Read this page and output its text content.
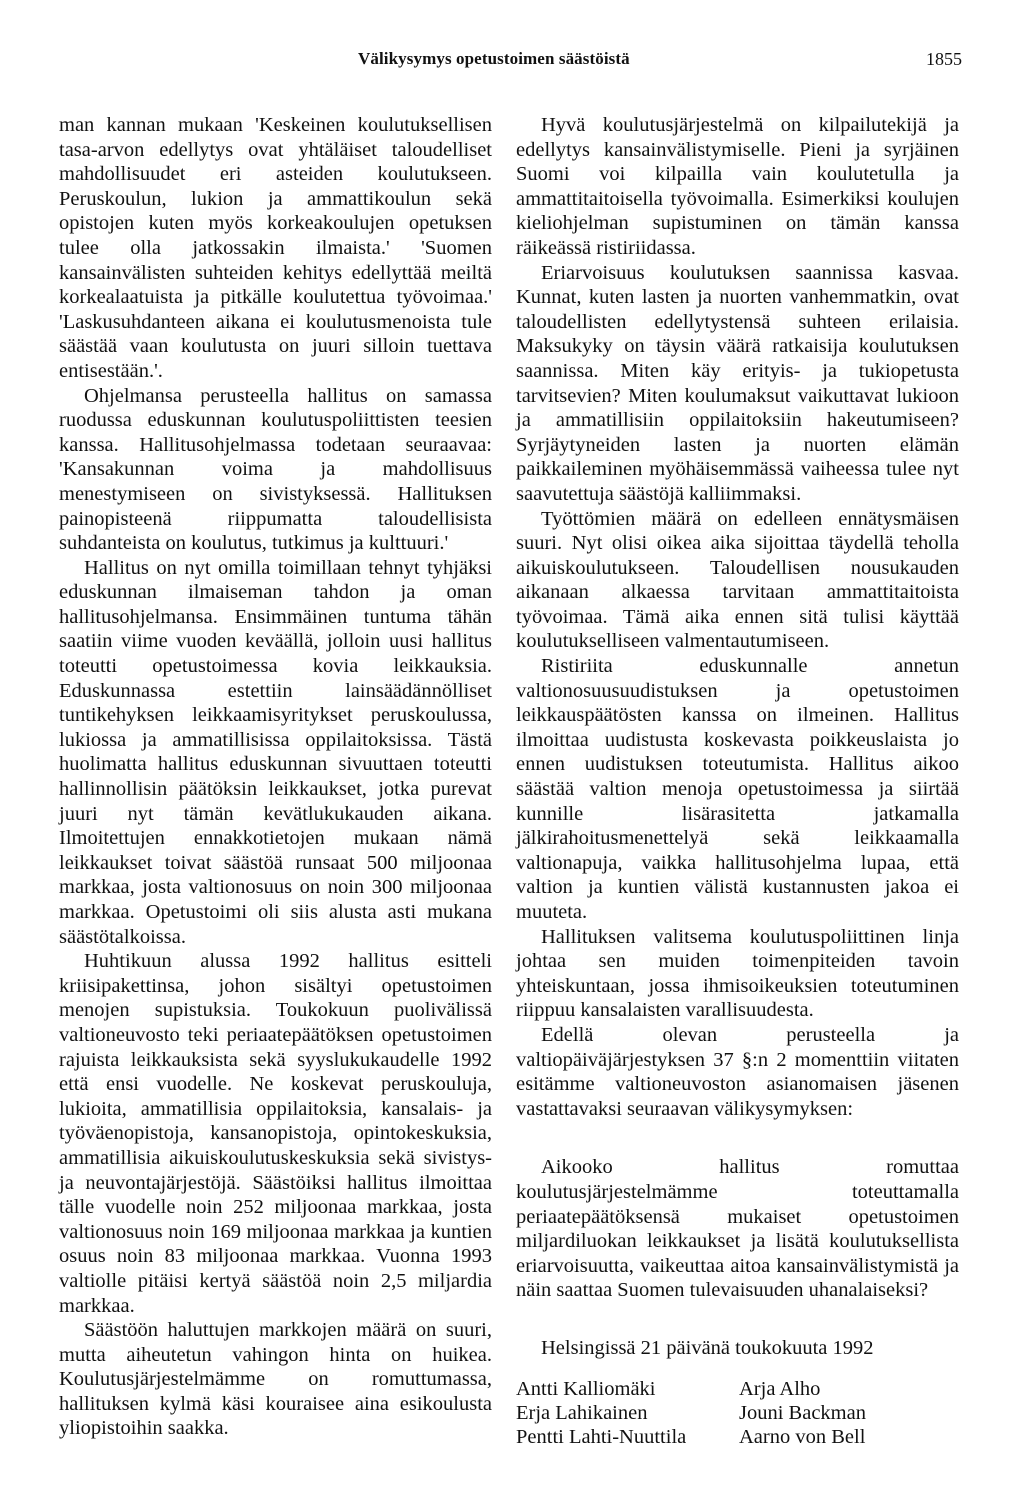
Välikysymys opetustoimen säästöistä	1855

man kannan mukaan 'Keskeinen koulutuksellisen tasa-arvon edellytys ovat yhtäläiset taloudelliset mahdollisuudet eri asteiden koulutukseen. Peruskoulun, lukion ja ammattikoulun sekä opistojen kuten myös korkeakoulujen opetuksen tulee olla jatkossakin ilmaista.' 'Suomen kansainvälisten suhteiden kehitys edellyttää meiltä korkealaatuista ja pitkälle koulutettua työvoimaa.' 'Laskusuhdanteen aikana ei koulutusmenoista tule säästää vaan koulutusta on juuri silloin tuettava entisestään.'.

Ohjelmansa perusteella hallitus on samassa ruodussa eduskunnan koulutuspoliittisten teesien kanssa. Hallitusohjelmassa todetaan seuraavaa: 'Kansakunnan voima ja mahdollisuus menestymiseen on sivistyksessä. Hallituksen painopisteenä riippumatta taloudellisista suhdanteista on koulutus, tutkimus ja kulttuuri.'

Hallitus on nyt omilla toimillaan tehnyt tyhjäksi eduskunnan ilmaiseman tahdon ja oman hallitusohjelmansa. Ensimmäinen tuntuma tähän saatiin viime vuoden keväällä, jolloin uusi hallitus toteutti opetustoimessa kovia leikkauksia. Eduskunnassa estettiin lainsäädännölliset tuntikehyksen leikkaamisyritykset peruskoulussa, lukiossa ja ammatillisissa oppilaitoksissa. Tästä huolimatta hallitus eduskunnan sivuuttaen toteutti hallinnollisin päätöksin leikkaukset, jotka purevat juuri nyt tämän kevätlukukauden aikana. Ilmoitettujen ennakkotietojen mukaan nämä leikkaukset toivat säästöä runsaat 500 miljoonaa markkaa, josta valtionosuus on noin 300 miljoonaa markkaa. Opetustoimi oli siis alusta asti mukana säästötalkoissa.

Huhtikuun alussa 1992 hallitus esitteli kriisipakettinsa, johon sisältyi opetustoimen menojen supistuksia. Toukokuun puolivälissä valtioneuvosto teki periaatepäätöksen opetustoimen rajuista leikkauksista sekä syyslukukaudelle 1992 että ensi vuodelle. Ne koskevat peruskouluja, lukioita, ammatillisia oppilaitoksia, kansalais- ja työväenopistoja, kansanopistoja, opintokeskuksia, ammatillisia aikuiskoulutuskeskuksia sekä sivistys- ja neuvontajärjestöjä. Säästöiksi hallitus ilmoittaa tälle vuodelle noin 252 miljoonaa markkaa, josta valtionosuus noin 169 miljoonaa markkaa ja kuntien osuus noin 83 miljoonaa markkaa. Vuonna 1993 valtiolle pitäisi kertyä säästöä noin 2,5 miljardia markkaa.

Säästöön haluttujen markkojen määrä on suuri, mutta aiheutetun vahingon hinta on huikea. Koulutusjärjestelmämme on romuttumassa, hallituksen kylmä käsi kouraisee aina esikoulusta yliopistoihin saakka.

Hyvä koulutusjärjestelmä on kilpailutekijä ja edellytys kansainvälistymiselle. Pieni ja syrjäinen Suomi voi kilpailla vain koulutetulla ja ammattitaitoisella työvoimalla. Esimerkiksi koulujen kieliohjelman supistuminen on tämän kanssa räikeässä ristiriidassa.

Eriarvoisuus koulutuksen saannissa kasvaa. Kunnat, kuten lasten ja nuorten vanhemmatkin, ovat taloudellisten edellytystensä suhteen erilaisia. Maksukyky on täysin väärä ratkaisija koulutuksen saannissa. Miten käy erityis- ja tukiopetusta tarvitsevien? Miten koulumaksut vaikuttavat lukioon ja ammatillisiin oppilaitoksiin hakeutumiseen? Syrjäytyneiden lasten ja nuorten elämän paikkaileminen myöhäisemmässä vaiheessa tulee nyt saavutettuja säästöjä kalliimmaksi.

Työttömien määrä on edelleen ennätysmäisen suuri. Nyt olisi oikea aika sijoittaa täydellä teholla aikuiskoulutukseen. Taloudellisen nousukauden aikanaan alkaessa tarvitaan ammattitaitoista työvoimaa. Tämä aika ennen sitä tulisi käyttää koulutukselliseen valmentautumiseen.

Ristiriita eduskunnalle annetun valtionosuusuudistuksen ja opetustoimen leikkauspäätösten kanssa on ilmeinen. Hallitus ilmoittaa uudistusta koskevasta poikkeuslaista jo ennen uudistuksen toteutumista. Hallitus aikoo säästää valtion menoja opetustoimessa ja siirtää kunnille lisärasitetta jatkamalla jälkirahoitusmenettelyä sekä leikkaamalla valtionapuja, vaikka hallitusohjelma lupaa, että valtion ja kuntien välistä kustannusten jakoa ei muuteta.

Hallituksen valitsema koulutuspoliittinen linja johtaa sen muiden toimenpiteiden tavoin yhteiskuntaan, jossa ihmisoikeuksien toteutuminen riippuu kansalaisten varallisuudesta.

Edellä olevan perusteella ja valtiopäiväjärjestyksen 37 §:n 2 momenttiin viitaten esitämme valtioneuvoston asianomaisen jäsenen vastattavaksi seuraavan välikysymyksen:

Aikooko hallitus romuttaa koulutusjärjestelmämme toteuttamalla periaatepäätöksensä mukaiset opetustoimen miljardiluokan leikkaukset ja lisätä koulutuksellista eriarvoisuutta, vaikeuttaa aitoa kansainvälistymistä ja näin saattaa Suomen tulevaisuuden uhanalaiseksi?

Helsingissä 21 päivänä toukokuuta 1992

Antti Kalliomäki	Arja Alho
Erja Lahikainen	Jouni Backman
Pentti Lahti-Nuuttila	Aarno von Bell
